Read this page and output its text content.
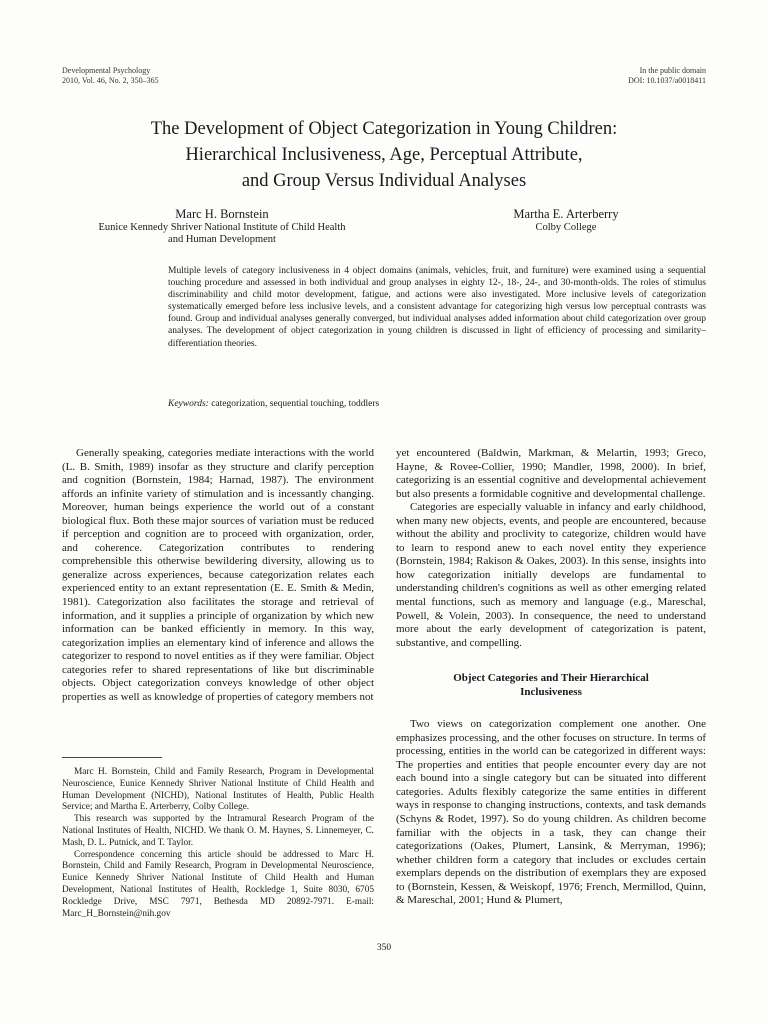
Developmental Psychology
2010, Vol. 46, No. 2, 350–365
In the public domain
DOI: 10.1037/a0018411
The Development of Object Categorization in Young Children:
Hierarchical Inclusiveness, Age, Perceptual Attribute,
and Group Versus Individual Analyses
Marc H. Bornstein
Eunice Kennedy Shriver National Institute of Child Health
and Human Development
Martha E. Arterberry
Colby College

Multiple levels of category inclusiveness in 4 object domains (animals, vehicles, fruit, and furniture) were examined using a sequential touching procedure and assessed in both individual and group analyses in eighty 12-, 18-, 24-, and 30-month-olds. The roles of stimulus discriminability and child motor development, fatigue, and actions were also investigated. More inclusive levels of categorization systematically emerged before less inclusive levels, and a consistent advantage for categorizing high versus low perceptual contrasts was found. Group and individual analyses generally converged, but individual analyses added information about child categorization over group analyses. The development of object categorization in young children is discussed in light of efficiency of processing and similarity–differentiation theories.

Keywords: categorization, sequential touching, toddlers

Generally speaking, categories mediate interactions with the world (L. B. Smith, 1989) insofar as they structure and clarify perception and cognition (Bornstein, 1984; Harnad, 1987). The environment affords an infinite variety of stimulation and is incessantly changing. Moreover, human beings experience the world out of a constant biological flux. Both these major sources of variation must be reduced if perception and cognition are to proceed with organization, order, and coherence. Categorization contributes to rendering comprehensible this otherwise bewildering diversity, allowing us to generalize across experiences, because categorization relates each experienced entity to an extant representation (E. E. Smith & Medin, 1981). Categorization also facilitates the storage and retrieval of information, and it supplies a principle of organization by which new information can be banked efficiently in memory. In this way, categorization implies an elementary kind of inference and allows the categorizer to respond to novel entities as if they were familiar. Object categories refer to shared representations of like but discriminable objects. Object categorization conveys knowledge of other object properties as well as knowledge of properties of category members not

Marc H. Bornstein, Child and Family Research, Program in Developmental Neuroscience, Eunice Kennedy Shriver National Institute of Child Health and Human Development (NICHD), National Institutes of Health, Public Health Service; and Martha E. Arterberry, Colby College.

This research was supported by the Intramural Research Program of the National Institutes of Health, NICHD. We thank O. M. Haynes, S. Linnemeyer, C. Mash, D. L. Putnick, and T. Taylor.

Correspondence concerning this article should be addressed to Marc H. Bornstein, Child and Family Research, Program in Developmental Neuroscience, Eunice Kennedy Shriver National Institute of Child Health and Human Development, National Institutes of Health, Rockledge 1, Suite 8030, 6705 Rockledge Drive, MSC 7971, Bethesda MD 20892-7971. E-mail: Marc_H_Bornstein@nih.gov

yet encountered (Baldwin, Markman, & Melartin, 1993; Greco, Hayne, & Rovee-Collier, 1990; Mandler, 1998, 2000). In brief, categorizing is an essential cognitive and developmental achievement but also presents a formidable cognitive and developmental challenge.

Categories are especially valuable in infancy and early childhood, when many new objects, events, and people are encountered, because without the ability and proclivity to categorize, children would have to learn to respond anew to each novel entity they experience (Bornstein, 1984; Rakison & Oakes, 2003). In this sense, insights into how categorization initially develops are fundamental to understanding children's cognitions as well as other emerging related mental functions, such as memory and language (e.g., Mareschal, Powell, & Volein, 2003). In consequence, the need to understand more about the early development of categorization is patent, substantive, and compelling.

Object Categories and Their Hierarchical
Inclusiveness

Two views on categorization complement one another. One emphasizes processing, and the other focuses on structure. In terms of processing, entities in the world can be categorized in different ways: The properties and entities that people encounter every day are not each bound into a single category but can be situated into different categories. Adults flexibly categorize the same entities in different ways in response to changing instructions, contexts, and task demands (Schyns & Rodet, 1997). So do young children. As children become familiar with the objects in a task, they can change their categorizations (Oakes, Plumert, Lansink, & Merryman, 1996); whether children form a category that includes or excludes certain exemplars depends on the distribution of exemplars they are exposed to (Bornstein, Kessen, & Weiskopf, 1976; French, Mermillod, Quinn, & Mareschal, 2001; Hund & Plumert,

350
